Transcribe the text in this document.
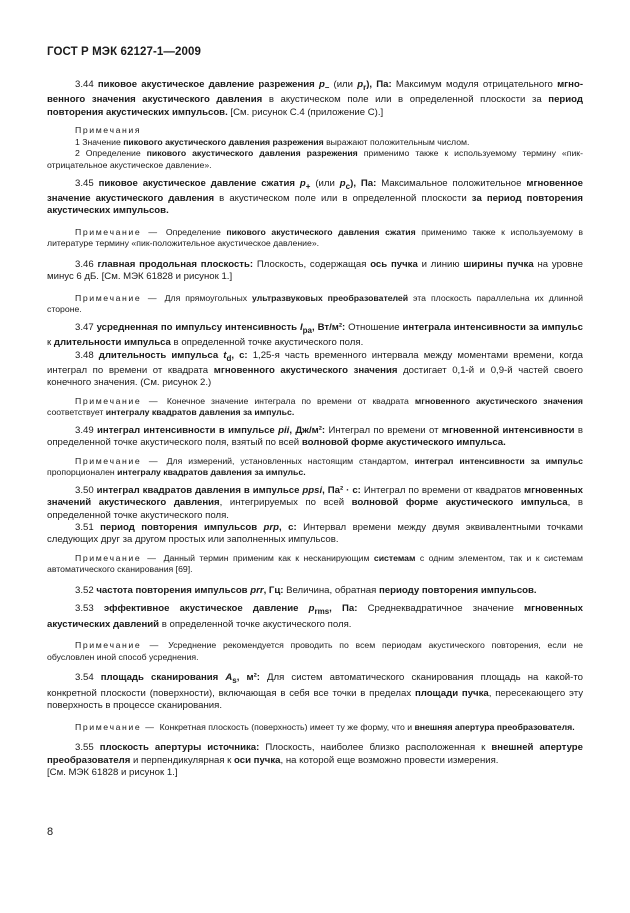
ГОСТ Р МЭК 62127-1—2009

3.44 пиковое акустическое давление разрежения $p_-$ (или $p_r$), Па: Максимум модуля отрицательного мгновенного значения акустического давления в акустическом поле или в определенной плоскости за период повторения акустических импульсов. [См. рисунок С.4 (приложение С).]

Примечания

1 Значение пикового акустического давления разрежения выражают положительным числом.

2 Определение пикового акустического давления разрежения применимо также к используемому термину «пик-отрицательное акустическое давление».

3.45 пиковое акустическое давление сжатия $p_+$ (или $p_c$), Па: Максимальное положительное мгновенное значение акустического давления в акустическом поле или в определенной плоскости за период повторения акустических импульсов.

Примечание — Определение пикового акустического давления сжатия применимо также к используемому в литературе термину «пик-положительное акустическое давление».

3.46 главная продольная плоскость: Плоскость, содержащая ось пучка и линию ширины пучка на уровне минус 6 дБ. [См. МЭК 61828 и рисунок 1.]

Примечание — Для прямоугольных ультразвуковых преобразователей эта плоскость параллельна их длинной стороне.

3.47 усредненная по импульсу интенсивность $I_{pa}$, Вт/м²: Отношение интеграла интенсивности за импульс к длительности импульса в определенной точке акустического поля.

3.48 длительность импульса $t_d$, с: 1,25-я часть временного интервала между моментами времени, когда интеграл по времени от квадрата мгновенного акустического значения достигает 0,1-й и 0,9-й частей своего конечного значения. (См. рисунок 2.)

Примечание — Конечное значение интеграла по времени от квадрата мгновенного акустического значения соответствует интегралу квадратов давления за импульс.

3.49 интеграл интенсивности в импульсе pii, Дж/м²: Интеграл по времени от мгновенной интенсивности в определенной точке акустического поля, взятый по всей волновой форме акустического импульса.

Примечание — Для измерений, установленных настоящим стандартом, интеграл интенсивности за импульс пропорционален интегралу квадратов давления за импульс.

3.50 интеграл квадратов давления в импульсе ppsi, Па² · с: Интеграл по времени от квадратов мгновенных значений акустического давления, интегрируемых по всей волновой форме акустического импульса, в определенной точке акустического поля.

3.51 период повторения импульсов prp, с: Интервал времени между двумя эквивалентными точками следующих друг за другом простых или заполненных импульсов.

Примечание — Данный термин применим как к несканирующим системам с одним элементом, так и к системам автоматического сканирования [69].

3.52 частота повторения импульсов prr, Гц: Величина, обратная периоду повторения импульсов.

3.53 эффективное акустическое давление $p_{rms}$, Па: Среднеквадратичное значение мгновенных акустических давлений в определенной точке акустического поля.

Примечание — Усреднение рекомендуется проводить по всем периодам акустического повторения, если не обусловлен иной способ усреднения.

3.54 площадь сканирования $A_s$, м²: Для систем автоматического сканирования площадь на какой-то конкретной плоскости (поверхности), включающая в себя все точки в пределах площади пучка, пересекающего эту поверхность в процессе сканирования.

Примечание — Конкретная плоскость (поверхность) имеет ту же форму, что и внешняя апертура преобразователя.

3.55 плоскость апертуры источника: Плоскость, наиболее близко расположенная к внешней апертуре преобразователя и перпендикулярная к оси пучка, на которой еще возможно провести измерения.

[См. МЭК 61828 и рисунок 1.]

8
